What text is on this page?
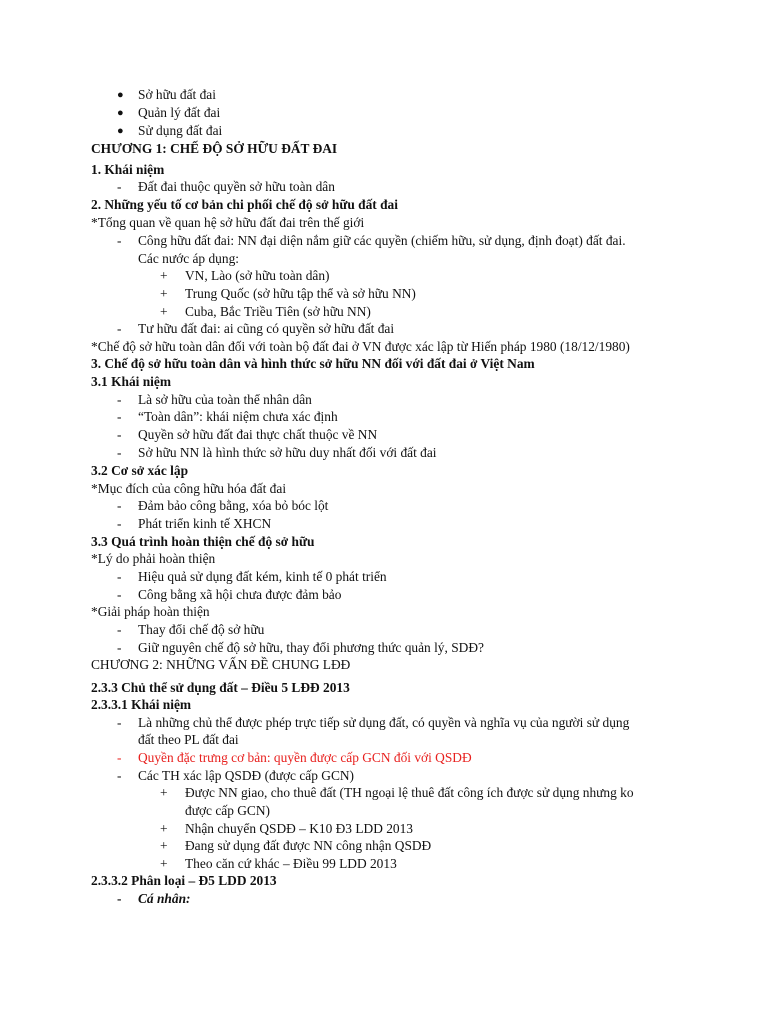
● Sở hữu đất đai
● Quản lý đất đai
● Sử dụng đất đai
CHƯƠNG 1: CHẾ ĐỘ SỞ HỮU ĐẤT ĐAI
1. Khái niệm
- Đất đai thuộc quyền sở hữu toàn dân
2. Những yếu tố cơ bản chi phối chế độ sở hữu đất đai
*Tổng quan về quan hệ sở hữu đất đai trên thế giới
- Công hữu đất đai: NN đại diện nắm giữ các quyền (chiếm hữu, sử dụng, định đoạt) đất đai.
Các nước áp dụng:
+ VN, Lào (sở hữu toàn dân)
+ Trung Quốc (sở hữu tập thể và sở hữu NN)
+ Cuba, Bắc Triều Tiên (sở hữu NN)
- Tư hữu đất đai: ai cũng có quyền sở hữu đất đai
*Chế độ sở hữu toàn dân đối với toàn bộ đất đai ở VN được xác lập từ Hiến pháp 1980 (18/12/1980)
3. Chế độ sở hữu toàn dân và hình thức sở hữu NN đối với đất đai ở Việt Nam
3.1 Khái niệm
- Là sở hữu của toàn thể nhân dân
- “Toàn dân”: khái niệm chưa xác định
- Quyền sở hữu đất đai thực chất thuộc về NN
- Sở hữu NN là hình thức sở hữu duy nhất đối với đất đai
3.2 Cơ sở xác lập
*Mục đích của công hữu hóa đất đai
- Đảm bảo công bằng, xóa bỏ bóc lột
- Phát triển kinh tế XHCN
3.3 Quá trình hoàn thiện chế độ sở hữu
*Lý do phải hoàn thiện
- Hiệu quả sử dụng đất kém, kinh tế 0 phát triển
- Công bằng xã hội chưa được đảm bảo
*Giải pháp hoàn thiện
- Thay đổi chế độ sở hữu
- Giữ nguyên chế độ sở hữu, thay đổi phương thức quản lý, SDĐ?
CHƯƠNG 2: NHỮNG VẤN ĐỀ CHUNG LĐĐ
2.3.3 Chủ thể sử dụng đất – Điều 5 LĐĐ 2013
2.3.3.1 Khái niệm
- Là những chủ thể được phép trực tiếp sử dụng đất, có quyền và nghĩa vụ của người sử dụng
đất theo PL đất đai
- Quyền đặc trưng cơ bản: quyền được cấp GCN đối với QSDĐ
- Các TH xác lập QSDĐ (được cấp GCN)
+ Được NN giao, cho thuê đất (TH ngoại lệ thuê đất công ích được sử dụng nhưng ko
được cấp GCN)
+ Nhận chuyển QSDĐ – K10 Đ3 LDD 2013
+ Đang sử dụng đất được NN công nhận QSDĐ
+ Theo căn cứ khác – Điều 99 LDD 2013
2.3.3.2 Phân loại – Đ5 LDD 2013
- Cá nhân:
